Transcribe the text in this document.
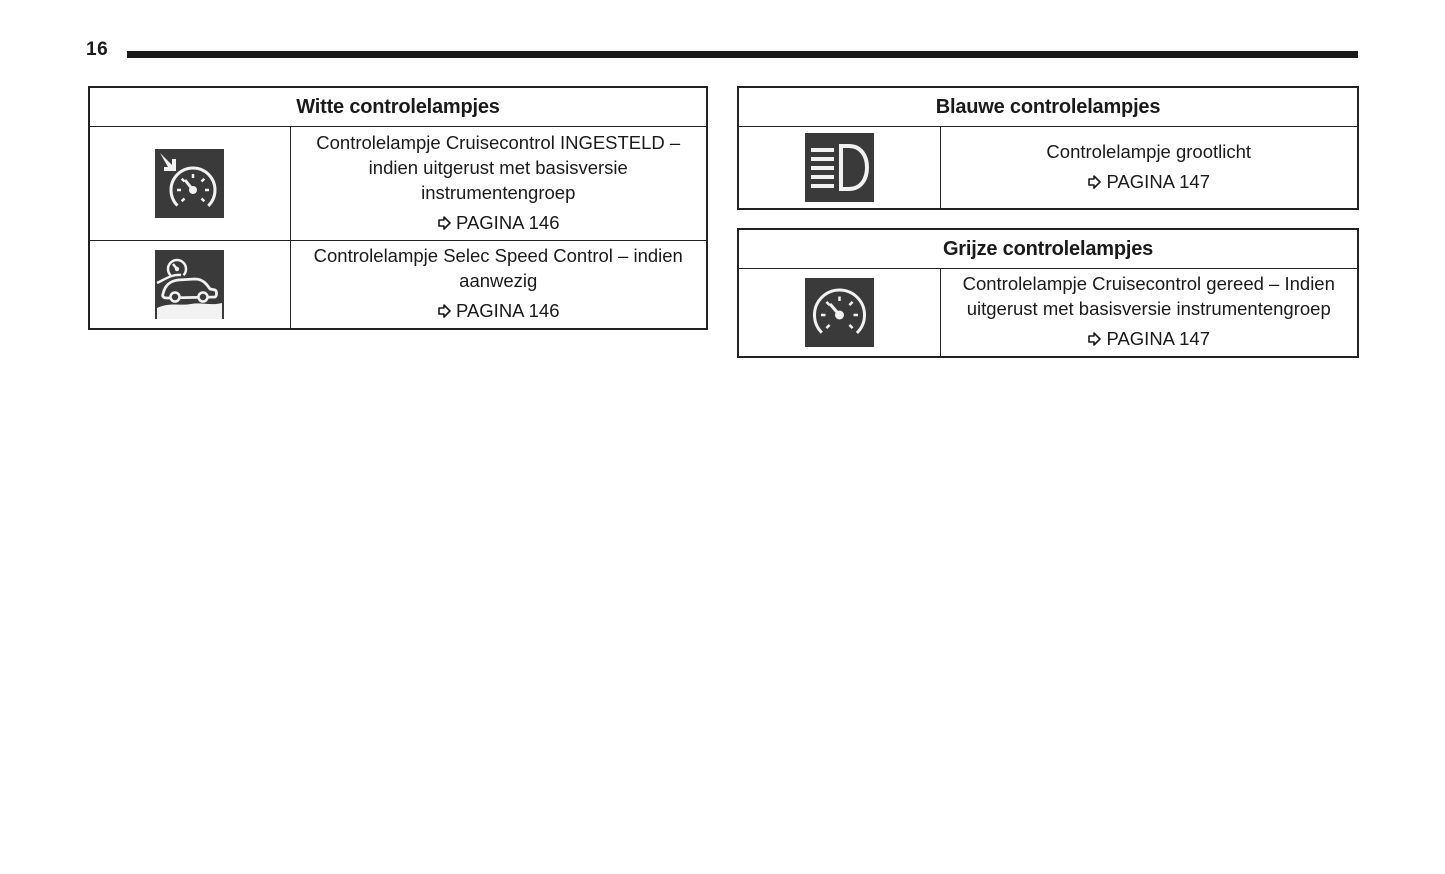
16
Witte controlelampjes	

Controlelampje Cruisecontrol INGESTELD – indien uitgerust met basisversie instrumentengroep
PAGINA 146

Controlelampje Selec Speed Control – indien aanwezig
PAGINA 146
Blauwe controlelampjes

Controlelampje grootlicht
PAGINA 147
Grijze controlelampjes

Controlelampje Cruisecontrol gereed – Indien uitgerust met basisversie instrumentengroep
PAGINA 147
